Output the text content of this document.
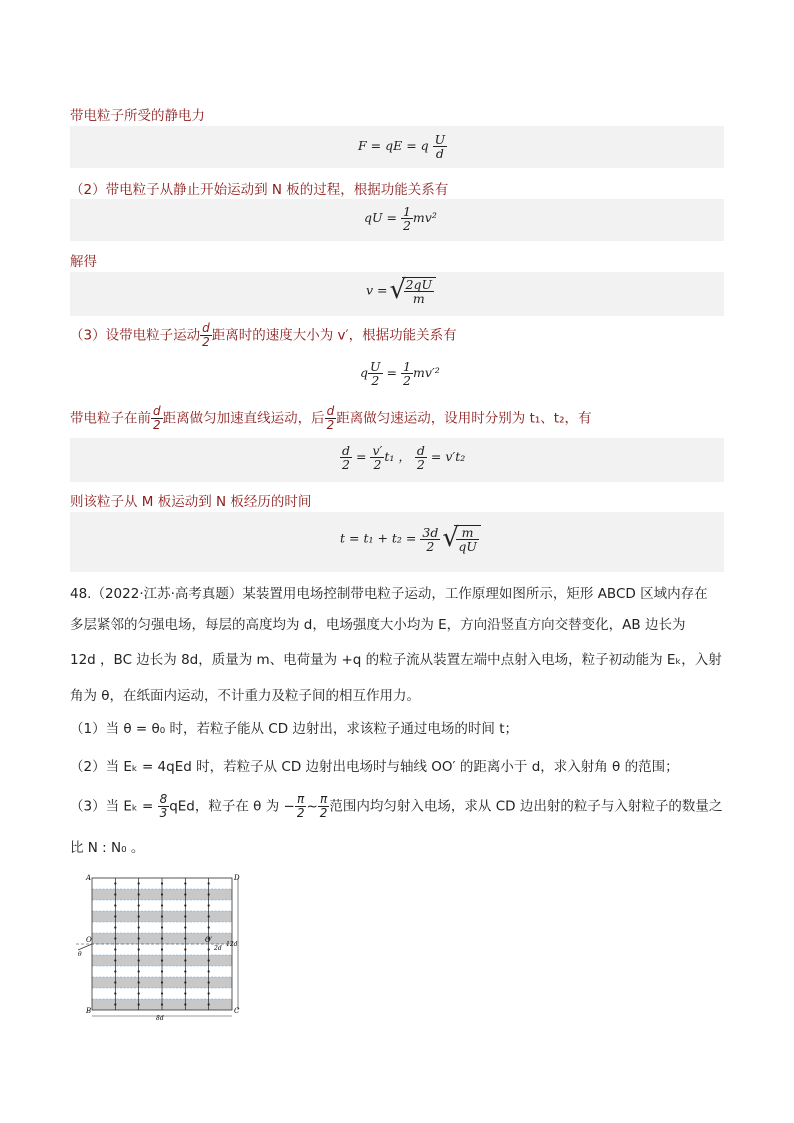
带电粒子所受的静电力
F = qE = q $\frac{U}{d}$
（2）带电粒子从静止开始运动到 N 板的过程，根据功能关系有
qU = $\frac{1}{2} mv^2$
解得
v = √ $\frac{2qU}{m}$
（3）设带电粒子运动 $\frac{d}{2}$ 距离时的速度大小为 v′，根据功能关系有
q $\frac{U}{2} = \frac{1}{2} mv'^2$
带电粒子在前 $\frac{d}{2}$ 距离做匀加速直线运动，后 $\frac{d}{2}$ 距离做匀速运动，设用时分别为 t₁、t₂，有
$\frac{d}{2} = \frac{v'}{2} t_1$ ， $\frac{d}{2} = v't_2$
则该粒子从 M 板运动到 N 板经历的时间
$t = t_1 + t_2 = \frac{3d}{2}$
√ $\frac{m}{qU}$
48.（2022·江苏·高考真题）某装置用电场控制带电粒子运动，工作原理如图所示，矩形 ABCD 区域内存在
多层紧邻的匀强电场，每层的高度均为 d，电场强度大小均为 E，方向沿竖直方向交替变化，AB 边长为
12d ，BC 边长为 8d，质量为 m、电荷量为 +q 的粒子流从装置左端中点射入电场，粒子初动能为 Eₖ，入射
角为 θ，在纸面内运动，不计重力及粒子间的相互作用力。
（1）当 θ = θ₀ 时，若粒子能从 CD 边射出，求该粒子通过电场的时间 t；
（2）当 Eₖ = 4qEd 时，若粒子从 CD 边射出电场时与轴线 OO′ 的距离小于 d，求入射角 θ 的范围；
（3）当 $E_k = \frac{8}{3}$ qEd，粒子在 θ 为 − $\frac{\pi}{2}$ ~ $\frac{\pi}{2}$ 范围内均匀射入电场，求从 CD 边出射的粒子与入射粒子的数量之
比 N : N₀ 。
A
B	C
D
O	O′
θ
2d
12d
8d
